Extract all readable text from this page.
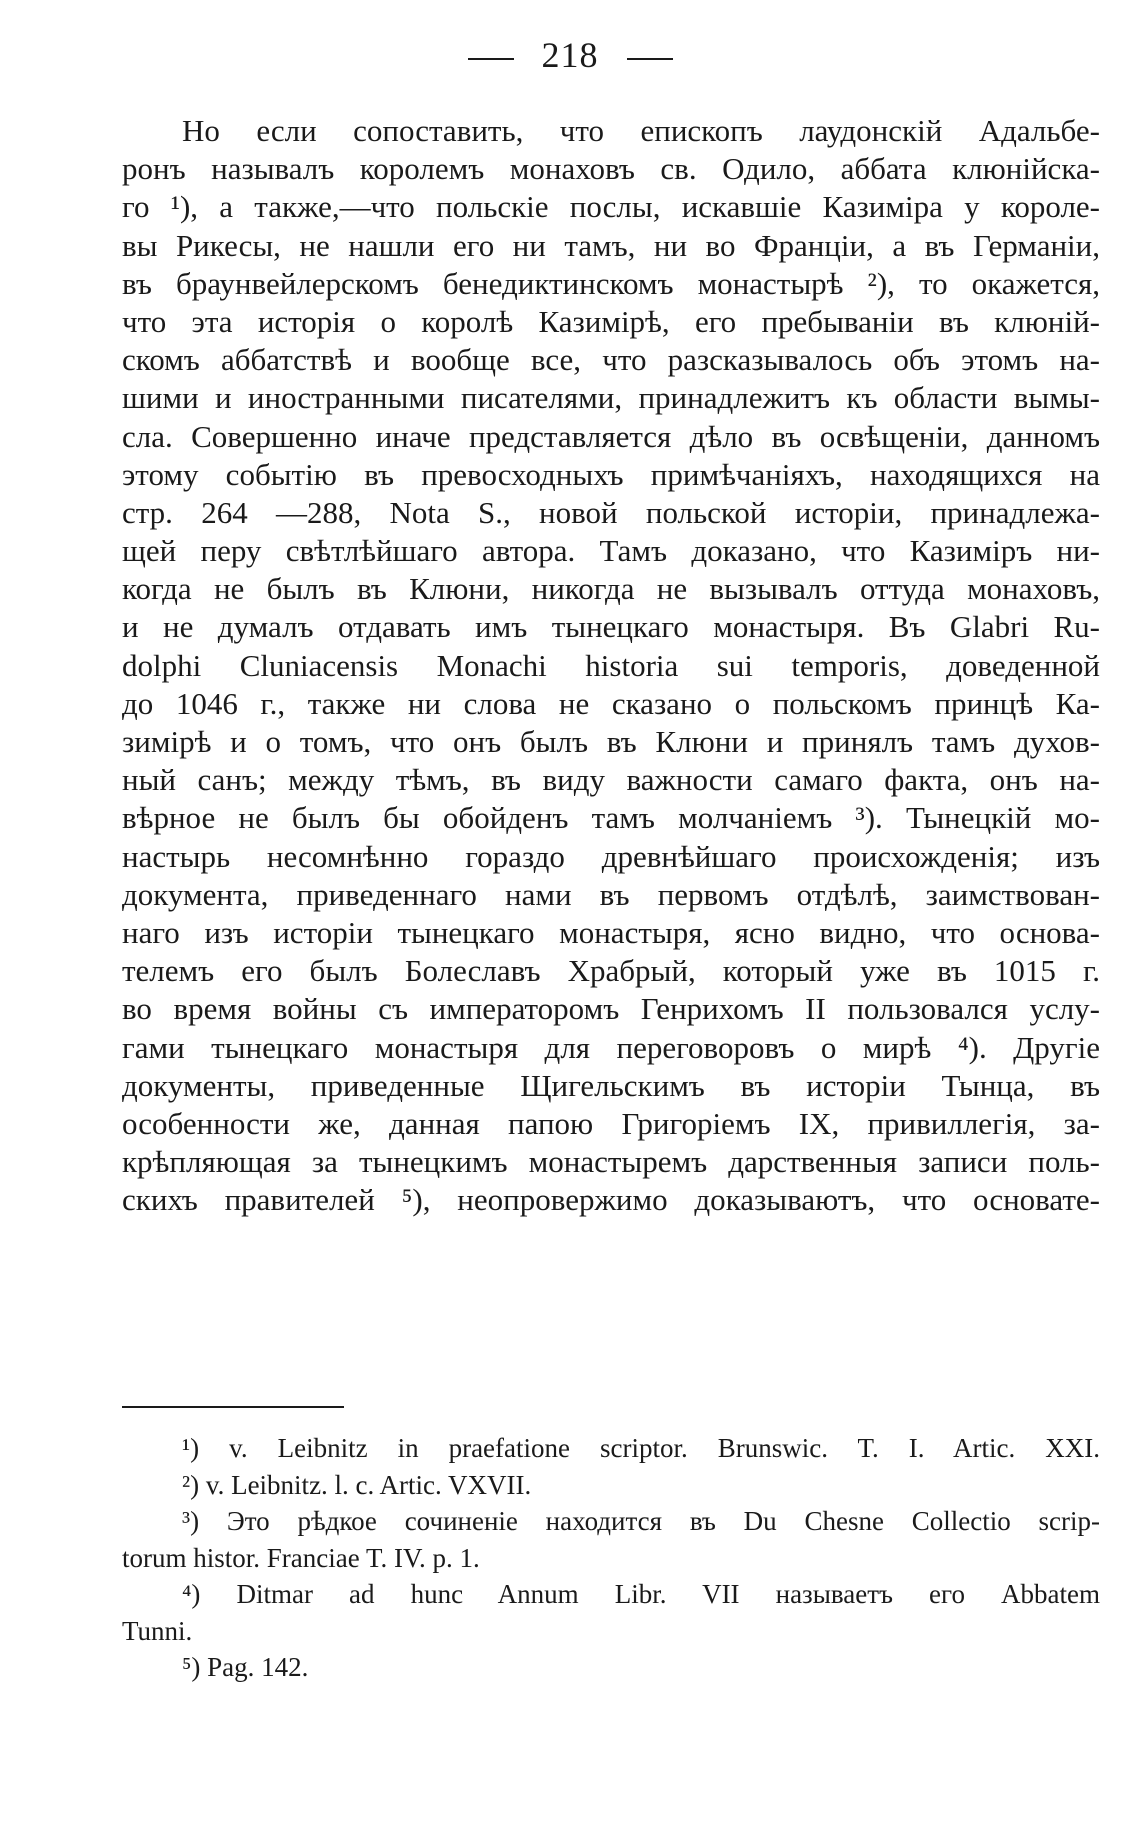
218
Но если сопоставить, что епископъ лаудонскій Адальбе-
ронъ называлъ королемъ монаховъ св. Одило, аббата клюнійска-
го ¹), а также,—что польскіе послы, искавшіе Казиміра у короле-
вы Рикесы, не нашли его ни тамъ, ни во Франціи, а въ Германіи,
въ браунвейлерскомъ бенедиктинскомъ монастырѣ ²), то окажется,
что эта исторія о королѣ Казимірѣ, его пребываніи въ клюній-
скомъ аббатствѣ и вообще все, что разсказывалось объ этомъ на-
шими и иностранными писателями, принадлежитъ къ области вымы-
сла. Совершенно иначе представляется дѣло въ освѣщеніи, данномъ
этому событію въ превосходныхъ примѣчаніяхъ, находящихся на
стр. 264 —288, Nota S., новой польской исторіи, принадлежа-
щей перу свѣтлѣйшаго автора. Тамъ доказано, что Казиміръ ни-
когда не былъ въ Клюни, никогда не вызывалъ оттуда монаховъ,
и не думалъ отдавать имъ тынецкаго монастыря. Въ Glabri Ru-
dolphi Cluniacensis Monachi historia sui temporis, доведенной
до 1046 г., также ни слова не сказано о польскомъ принцѣ Ка-
зимірѣ и о томъ, что онъ былъ въ Клюни и принялъ тамъ духов-
ный санъ; между тѣмъ, въ виду важности самаго факта, онъ на-
вѣрное не былъ бы обойденъ тамъ молчаніемъ ³). Тынецкій мо-
настырь несомнѣнно гораздо древнѣйшаго происхожденія; изъ
документа, приведеннаго нами въ первомъ отдѣлѣ, заимствован-
наго изъ исторіи тынецкаго монастыря, ясно видно, что основа-
телемъ его былъ Болеславъ Храбрый, который уже въ 1015 г.
во время войны съ императоромъ Генрихомъ II пользовался услу-
гами тынецкаго монастыря для переговоровъ о мирѣ ⁴). Другіе
документы, приведенные Щигельскимъ въ исторіи Тынца, въ
особенности же, данная папою Григоріемъ IX, привиллегія, за-
крѣпляющая за тынецкимъ монастыремъ дарственныя записи поль-
скихъ правителей ⁵), неопровержимо доказываютъ, что основате-
¹) v. Leibnitz in praefatione scriptor. Brunswic. T. I. Artic. XXI.
²) v. Leibnitz. l. c. Artic. VXVII.
³) Это рѣдкое сочиненіе находится въ Du Chesne Collectio scrip-
torum histor. Franciae T. IV. p. 1.
⁴) Ditmar ad hunc Annum Libr. VII называетъ его Abbatem
Tunni.
⁵) Pag. 142.
